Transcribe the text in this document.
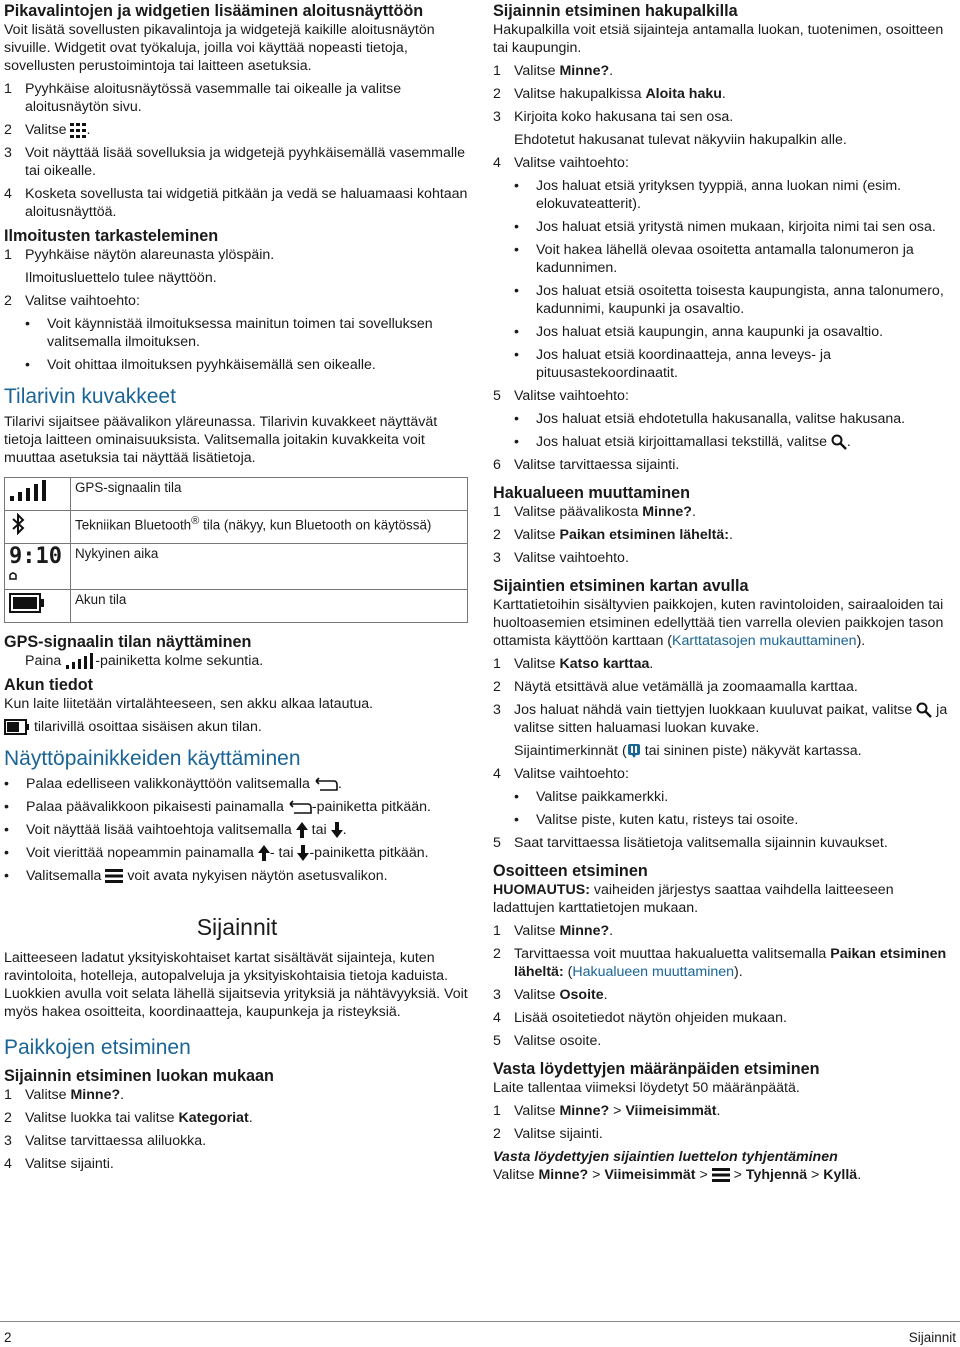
Pikavalintojen ja widgetien lisääminen aloitusnäyttöön

Voit lisätä sovellusten pikavalintoja ja widgetejä kaikille aloitusnäytön sivuille. Widgetit ovat työkaluja, joilla voi käyttää nopeasti tietoja, sovellusten perustoimintoja tai laitteen asetuksia.

1 Pyyhkäise aloitusnäytössä vasemmalle tai oikealle ja valitse aloitusnäytön sivu.
2 Valitse .
3 Voit näyttää lisää sovelluksia ja widgetejä pyyhkäisemällä vasemmalle tai oikealle.
4 Kosketa sovellusta tai widgetiä pitkään ja vedä se haluamaasi kohtaan aloitusnäyttöä.
Ilmoitusten tarkasteleminen
1 Pyyhkäise näytön alareunasta ylöspäin.

Ilmoitusluettelo tulee näyttöön.

2 Valitse vaihtoehto:
•	Voit käynnistää ilmoituksessa mainitun toimen tai sovelluksen valitsemalla ilmoituksen.
•	Voit ohittaa ilmoituksen pyyhkäisemällä sen oikealle.
Tilarivin kuvakkeet

Tilarivi sijaitsee päävalikon yläreunassa. Tilarivin kuvakkeet näyttävät tietoja laitteen ominaisuuksista. Valitsemalla joitakin kuvakkeita voit muuttaa asetuksia tai näyttää lisätietoja.

	GPS-signaalin tila
	Tekniikan Bluetooth® tila (näkyy, kun Bluetooth on käytössä)
9:10	Nykyinen aika
	Akun tila
GPS-signaalin tilan näyttäminen

Paina -painiketta kolme sekuntia.

Akun tiedot

Kun laite liitetään virtalähteeseen, sen akku alkaa latautua.

tilarivillä osoittaa sisäisen akun tilan.

Näyttöpainikkeiden käyttäminen
•	Palaa edelliseen valikkonäyttöön valitsemalla .
•	Palaa päävalikkoon pikaisesti painamalla -painiketta pitkään.
•	Voit näyttää lisää vaihtoehtoja valitsemalla  tai .
•	Voit vierittää nopeammin painamalla - tai -painiketta pitkään.
•	Valitsemalla  voit avata nykyisen näytön asetusvalikon.
Sijainnit

Laitteeseen ladatut yksityiskohtaiset kartat sisältävät sijainteja, kuten ravintoloita, hotelleja, autopalveluja ja yksityiskohtaisia tietoja kaduista. Luokkien avulla voit selata lähellä sijaitsevia yrityksiä ja nähtävyyksiä. Voit myös hakea osoitteita, koordinaatteja, kaupunkeja ja risteyksiä.

Paikkojen etsiminen
Sijainnin etsiminen luokan mukaan
1 Valitse Minne?.
2 Valitse luokka tai valitse Kategoriat.
3 Valitse tarvittaessa aliluokka.
4 Valitse sijainti.
Sijainnin etsiminen hakupalkilla

Hakupalkilla voit etsiä sijainteja antamalla luokan, tuotenimen, osoitteen tai kaupungin.

1 Valitse Minne?.
2 Valitse hakupalkissa Aloita haku.
3 Kirjoita koko hakusana tai sen osa.

Ehdotetut hakusanat tulevat näkyviin hakupalkin alle.

4 Valitse vaihtoehto:
•	Jos haluat etsiä yrityksen tyyppiä, anna luokan nimi (esim. elokuvateatterit).
•	Jos haluat etsiä yritystä nimen mukaan, kirjoita nimi tai sen osa.
•	Voit hakea lähellä olevaa osoitetta antamalla talonumeron ja kadunnimen.
•	Jos haluat etsiä osoitetta toisesta kaupungista, anna talonumero, kadunnimi, kaupunki ja osavaltio.
•	Jos haluat etsiä kaupungin, anna kaupunki ja osavaltio.
•	Jos haluat etsiä koordinaatteja, anna leveys- ja pituusastekoordinaatit.
5 Valitse vaihtoehto:
•	Jos haluat etsiä ehdotetulla hakusanalla, valitse hakusana.
•	Jos haluat etsiä kirjoittamallasi tekstillä, valitse .
6 Valitse tarvittaessa sijainti.
Hakualueen muuttaminen
1 Valitse päävalikosta Minne?.
2 Valitse Paikan etsiminen läheltä:.
3 Valitse vaihtoehto.
Sijaintien etsiminen kartan avulla

Karttatietoihin sisältyvien paikkojen, kuten ravintoloiden, sairaaloiden tai huoltoasemien etsiminen edellyttää tien varrella olevien paikkojen tason ottamista käyttöön karttaan (Karttatasojen mukauttaminen).

1 Valitse Katso karttaa.
2 Näytä etsittävä alue vetämällä ja zoomaamalla karttaa.
3 Jos haluat nähdä vain tiettyjen luokkaan kuuluvat paikat, valitse  ja valitse sitten haluamasi luokan kuvake.

Sijaintimerkinnät ( tai sininen piste) näkyvät kartassa.

4 Valitse vaihtoehto:
•	Valitse paikkamerkki.
•	Valitse piste, kuten katu, risteys tai osoite.
5 Saat tarvittaessa lisätietoja valitsemalla sijainnin kuvaukset.
Osoitteen etsiminen

HUOMAUTUS: vaiheiden järjestys saattaa vaihdella laitteeseen ladattujen karttatietojen mukaan.

1 Valitse Minne?.
2 Tarvittaessa voit muuttaa hakualuetta valitsemalla Paikan etsiminen läheltä: (Hakualueen muuttaminen).
3 Valitse Osoite.
4 Lisää osoitetiedot näytön ohjeiden mukaan.
5 Valitse osoite.
Vasta löydettyjen määränpäiden etsiminen

Laite tallentaa viimeksi löydetyt 50 määränpäätä.

1 Valitse Minne? > Viimeisimmät.
2 Valitse sijainti.

Vasta löydettyjen sijaintien luettelon tyhjentäminen

Valitse Minne? > Viimeisimmät >  > Tyhjennä > Kyllä.

2	Sijainnit
